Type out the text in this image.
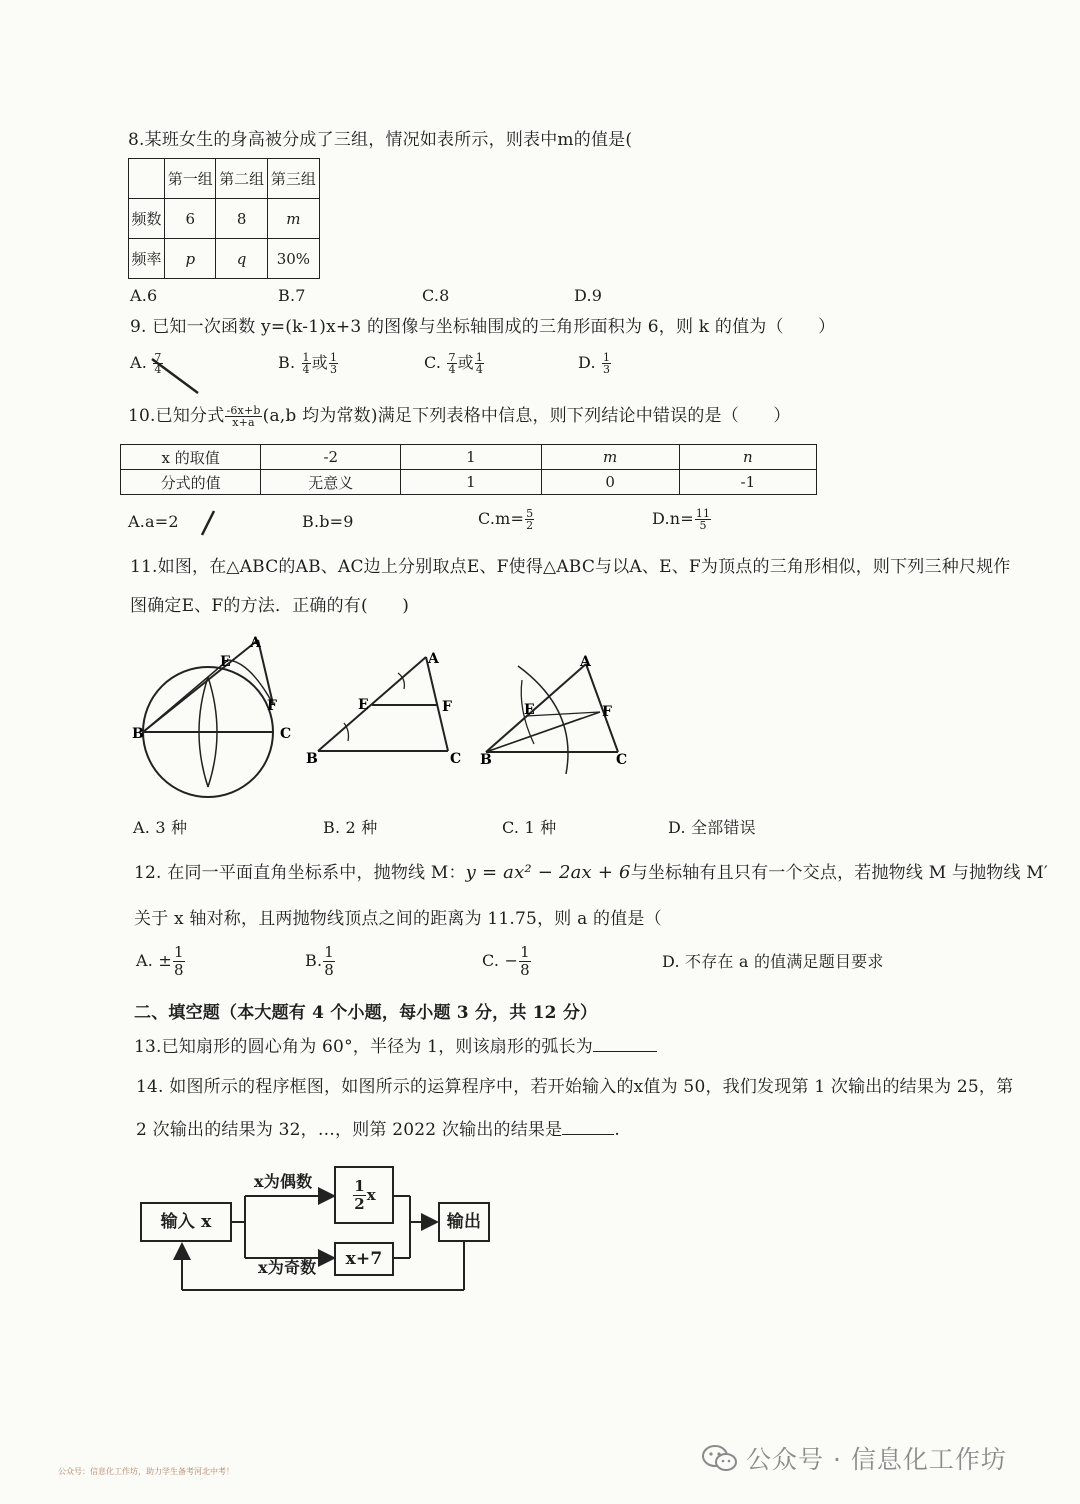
8.某班女生的身高被分成了三组，情况如表所示，则表中m的值是(
	第一组	第二组	第三组
频数	6	8	m
频率	p	q	30%
A.6	B.7	C.8	D.9
9. 已知一次函数 y=(k-1)x+3 的图像与坐标轴围成的三角形面积为 6，则 k 的值为（　　）
A. $\frac{7}{4}$	B. $\frac{1}{4}$ 或 $\frac{1}{3}$	C. $\frac{7}{4}$ 或 $\frac{1}{4}$	D. $\frac{1}{3}$
10.已知分式 $\frac{-6x+b}{x+a} (a,b$ 均为常数)满足下列表格中信息，则下列结论中错误的是（　　）
x 的取值	-2	1	m	n
分式的值	无意义	1	0	-1
A.a=2	B.b=9	$C.m= \frac{5}{2}$	$D.n= \frac{11}{5}$
11.如图，在△ABC的AB、AC边上分别取点E、F使得△ABC与以A、E、F为顶点的三角形相似，则下列三种尺规作
图确定E、F的方法．正确的有(　　)
A
E
F
B	C
A
E	F
B	C
A
E	F
B	C
A. 3 种	B. 2 种	C. 1 种	D. 全部错误
12. 在同一平面直角坐标系中，抛物线 M：y = ax² − 2ax + 6与坐标轴有且只有一个交点，若抛物线 M 与抛物线 M′
关于 x 轴对称，且两抛物线顶点之间的距离为 11.75，则 a 的值是（
A. ± $\frac{1}{8}$	B. $\frac{1}{8}$	C. − $\frac{1}{8}$	D. 不存在 a 的值满足题目要求
二、填空题（本大题有 4 个小题，每小题 3 分，共 12 分）
13.已知扇形的圆心角为 60°，半径为 1，则该扇形的弧长为
14. 如图所示的程序框图，如图所示的运算程序中，若开始输入的x值为 50，我们发现第 1 次输出的结果为 25，第
2 次输出的结果为 32，…，则第 2022 次输出的结果是	.
输入 x
x为偶数	$\frac{1}{2}$ x
x为奇数	x+7
输出
公众号：信息化工作坊，助力学生备考河北中考！	公众号 · 信息化工作坊
